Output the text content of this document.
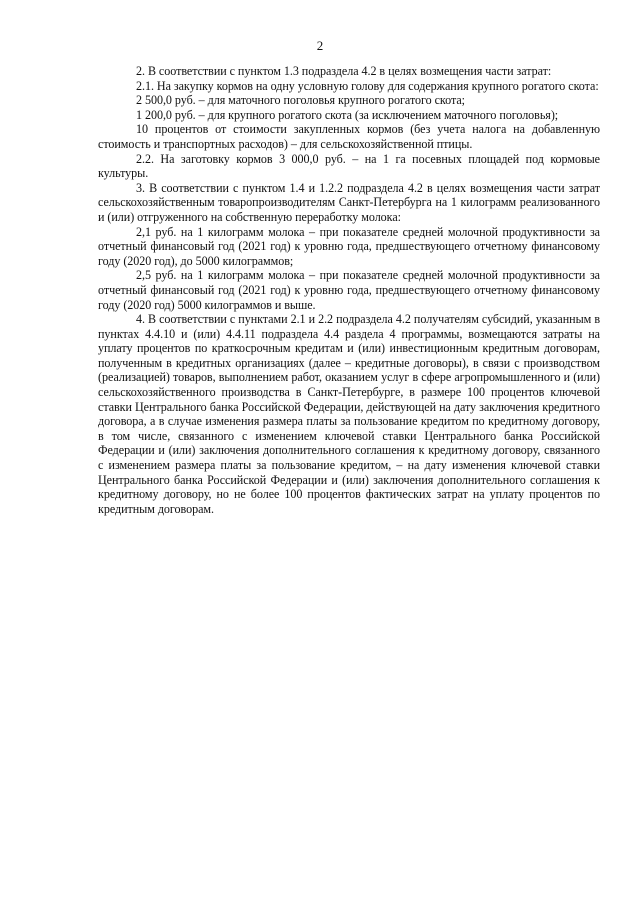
2

2. В соответствии с пунктом 1.3 подраздела 4.2 в целях возмещения части затрат:

2.1. На закупку кормов на одну условную голову для содержания крупного рогатого скота:

2 500,0 руб. – для маточного поголовья крупного рогатого скота;

1 200,0 руб. – для крупного рогатого скота (за исключением маточного поголовья);

10 процентов от стоимости закупленных кормов (без учета налога на добавленную стоимость и транспортных расходов) – для сельскохозяйственной птицы.

2.2. На заготовку кормов 3 000,0 руб. – на 1 га посевных площадей под кормовые культуры.

3. В соответствии с пунктом 1.4 и 1.2.2 подраздела 4.2 в целях возмещения части затрат сельскохозяйственным товаропроизводителям Санкт-Петербурга на 1 килограмм реализованного и (или) отгруженного на собственную переработку молока:

2,1 руб. на 1 килограмм молока – при показателе средней молочной продуктивности за отчетный финансовый год (2021 год) к уровню года, предшествующего отчетному финансовому году (2020 год), до 5000 килограммов;

2,5 руб. на 1 килограмм молока – при показателе средней молочной продуктивности за отчетный финансовый год (2021 год) к уровню года, предшествующего отчетному финансовому году (2020 год) 5000 килограммов и выше.

4. В соответствии с пунктами 2.1 и 2.2 подраздела 4.2 получателям субсидий, указанным в пунктах 4.4.10 и (или) 4.4.11 подраздела 4.4 раздела 4 программы, возмещаются затраты на уплату процентов по краткосрочным кредитам и (или) инвестиционным кредитным договорам, полученным в кредитных организациях (далее – кредитные договоры), в связи с производством (реализацией) товаров, выполнением работ, оказанием услуг в сфере агропромышленного и (или) сельскохозяйственного производства в Санкт-Петербурге, в размере 100 процентов ключевой ставки Центрального банка Российской Федерации, действующей на дату заключения кредитного договора, а в случае изменения размера платы за пользование кредитом по кредитному договору, в том числе, связанного с изменением ключевой ставки Центрального банка Российской Федерации и (или) заключения дополнительного соглашения к кредитному договору, связанного с изменением размера платы за пользование кредитом, – на дату изменения ключевой ставки Центрального банка Российской Федерации и (или) заключения дополнительного соглашения к кредитному договору, но не более 100 процентов фактических затрат на уплату процентов по кредитным договорам.
